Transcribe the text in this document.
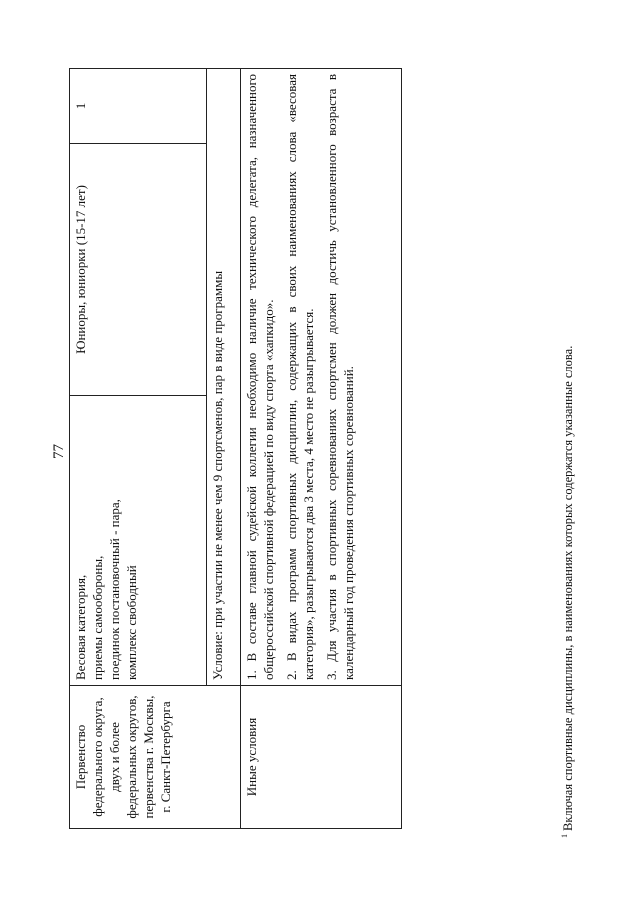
77
Первенство федерального округа, двух и более федеральных округов, первенства г. Москвы, г. Санкт-Петербурга	Весовая категория, приемы самообороны, поединок постановочный - пара, комплекс свободный	Юниоры, юниорки (15-17 лет)	1
	Условие: при участии не менее чем 9 спортсменов, пар в виде программы		
Иные условия	1. В составе главной судейской коллегии необходимо наличие технического делегата, назначенного общероссийской спортивной федерацией по виду спорта «хапкидо». 2. В видах программ спортивных дисциплин, содержащих в своих наименованиях слова «весовая категория», разыгрываются два 3 места, 4 место не разыгрывается. 3. Для участия в спортивных соревнованиях спортсмен должен достичь установленного возраста в календарный год проведения спортивных соревнований.		

$^1$Включая спортивные дисциплины, в наименованиях которых содержатся указанные слова.
